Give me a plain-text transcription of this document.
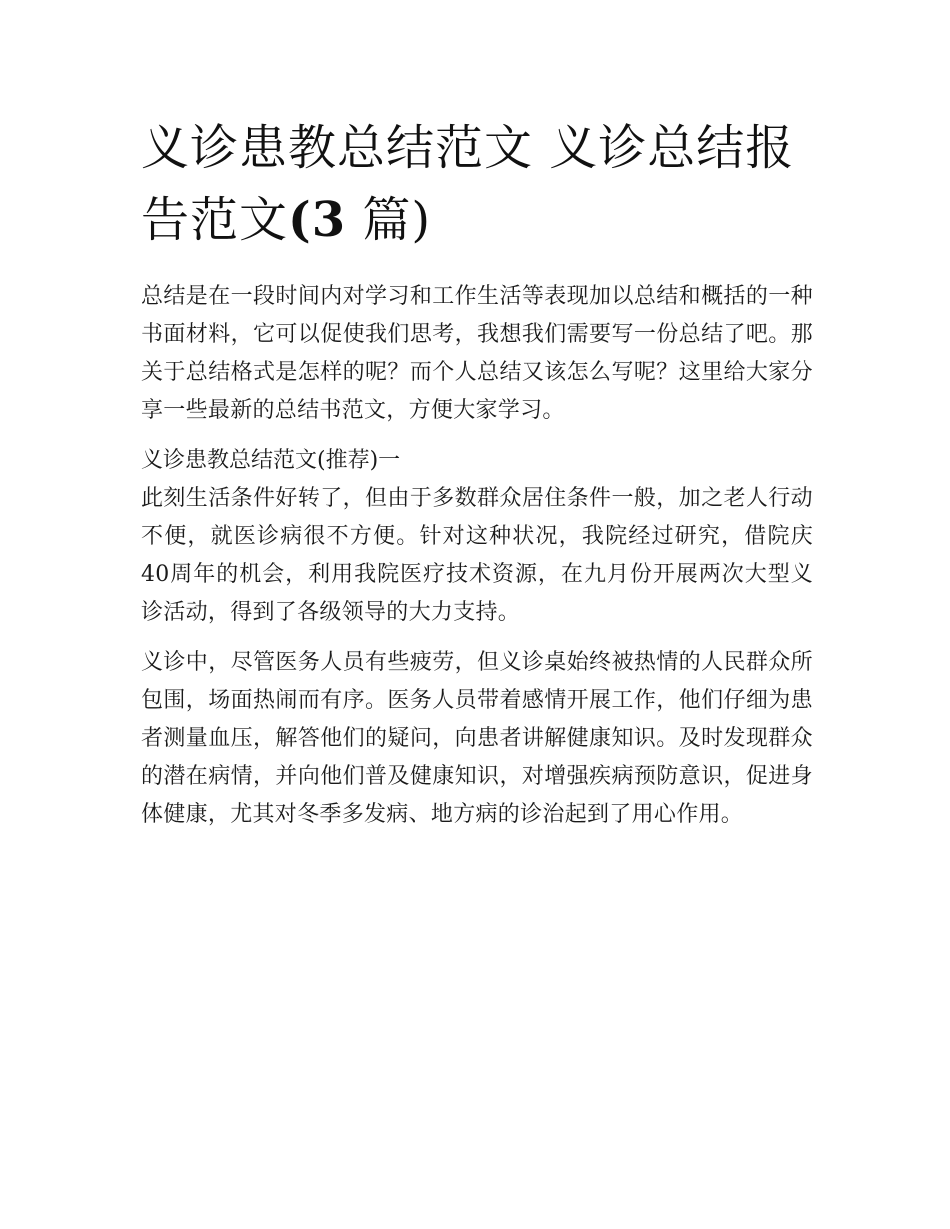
义诊患教总结范文 义诊总结报
告范文(3 篇)

总结是在一段时间内对学习和工作生活等表现加以总结和概括的一种书面材料，它可以促使我们思考，我想我们需要写一份总结了吧。那关于总结格式是怎样的呢？而个人总结又该怎么写呢？这里给大家分享一些最新的总结书范文，方便大家学习。

义诊患教总结范文(推荐)一

此刻生活条件好转了，但由于多数群众居住条件一般，加之老人行动不便，就医诊病很不方便。针对这种状况，我院经过研究，借院庆40周年的机会，利用我院医疗技术资源，在九月份开展两次大型义诊活动，得到了各级领导的大力支持。

义诊中，尽管医务人员有些疲劳，但义诊桌始终被热情的人民群众所包围，场面热闹而有序。医务人员带着感情开展工作，他们仔细为患者测量血压，解答他们的疑问，向患者讲解健康知识。及时发现群众的潜在病情，并向他们普及健康知识，对增强疾病预防意识，促进身体健康，尤其对冬季多发病、地方病的诊治起到了用心作用。
